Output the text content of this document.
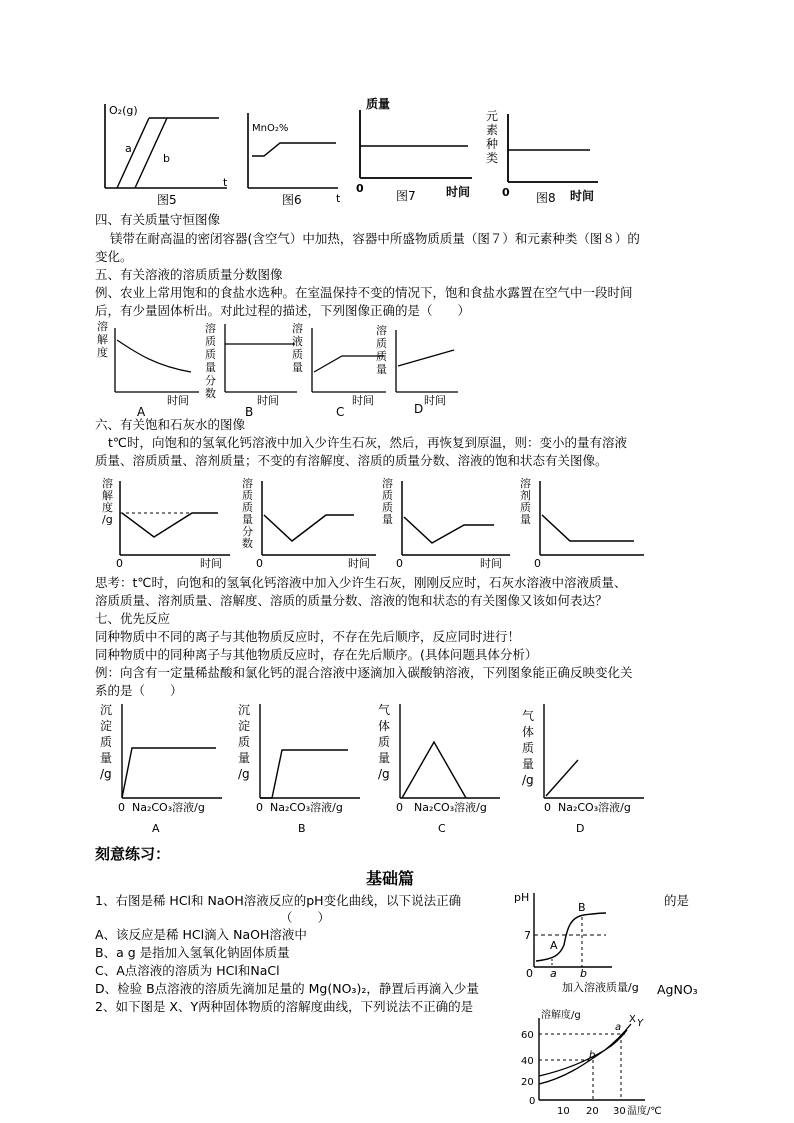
O₂(g)
a
b
t
图5
MnO₂%
t
图6
质量
0
图7	时间
元 素 种 类
0 图8 时间
四、有关质量守恒图像
镁带在耐高温的密闭容器(含空气）中加热，容器中所盛物质质量（图７）和元素种类（图８）的
变化。
五、有关溶液的溶质质量分数图像
例、农业上常用饱和的食盐水选种。在室温保持不变的情况下，饱和食盐水露置在空气中一段时间
后，有少量固体析出。对此过程的描述，下列图像正确的是（　　）
溶解度
时间
A
溶质质量分数
时间
B
溶液质量
时间
C
溶质质量
时间
D
六、有关饱和石灰水的图像
t℃时，向饱和的氢氧化钙溶液中加入少许生石灰，然后，再恢复到原温，则：变小的量有溶液
质量、溶质质量、溶剂质量；不变的有溶解度、溶质的质量分数、溶液的饱和状态有关图像。
溶解度/g
0	时间
溶质质量分数
0	时间
溶质质量
0	时间
溶剂质量
0
思考：t℃时，向饱和的氢氧化钙溶液中加入少许生石灰，刚刚反应时，石灰水溶液中溶液质量、
溶质质量、溶剂质量、溶解度、溶质的质量分数、溶液的饱和状态的有关图像又该如何表达？
七、优先反应
同种物质中不同的离子与其他物质反应时，不存在先后顺序，反应同时进行！
同种物质中的同种离子与其他物质反应时，存在先后顺序。(具体问题具体分析）
例：向含有一定量稀盐酸和氯化钙的混合溶液中逐滴加入碳酸钠溶液，下列图象能正确反映变化关
系的是（　　）
沉淀质量/g
0 Na₂CO₃溶液/g
A
沉淀质量/g
0 Na₂CO₃溶液/g
B
气体质量/g
0 Na₂CO₃溶液/g
C
气体质量/g
0 Na₂CO₃溶液/g
D
刻意练习：
基础篇
1、右图是稀 HCl和 NaOH溶液反应的pH变化曲线，以下说法正确	的是
（　　）
A、该反应是稀 HCl滴入 NaOH溶液中
B、a g 是指加入氢氧化钠固体质量
C、A点溶液的溶质为 HCl和NaCl
D、检验 B点溶液的溶质先滴加足量的 Mg(NO₃)₂，静置后再滴入少量	AgNO₃
2、如下图是 X、Y两种固体物质的溶解度曲线，下列说法不正确的是
pH
7
0
A
B
a b
加入溶液质量/g
溶解度/g
60
40
20
0
10 20 30 温度/℃
X Y
a
b
